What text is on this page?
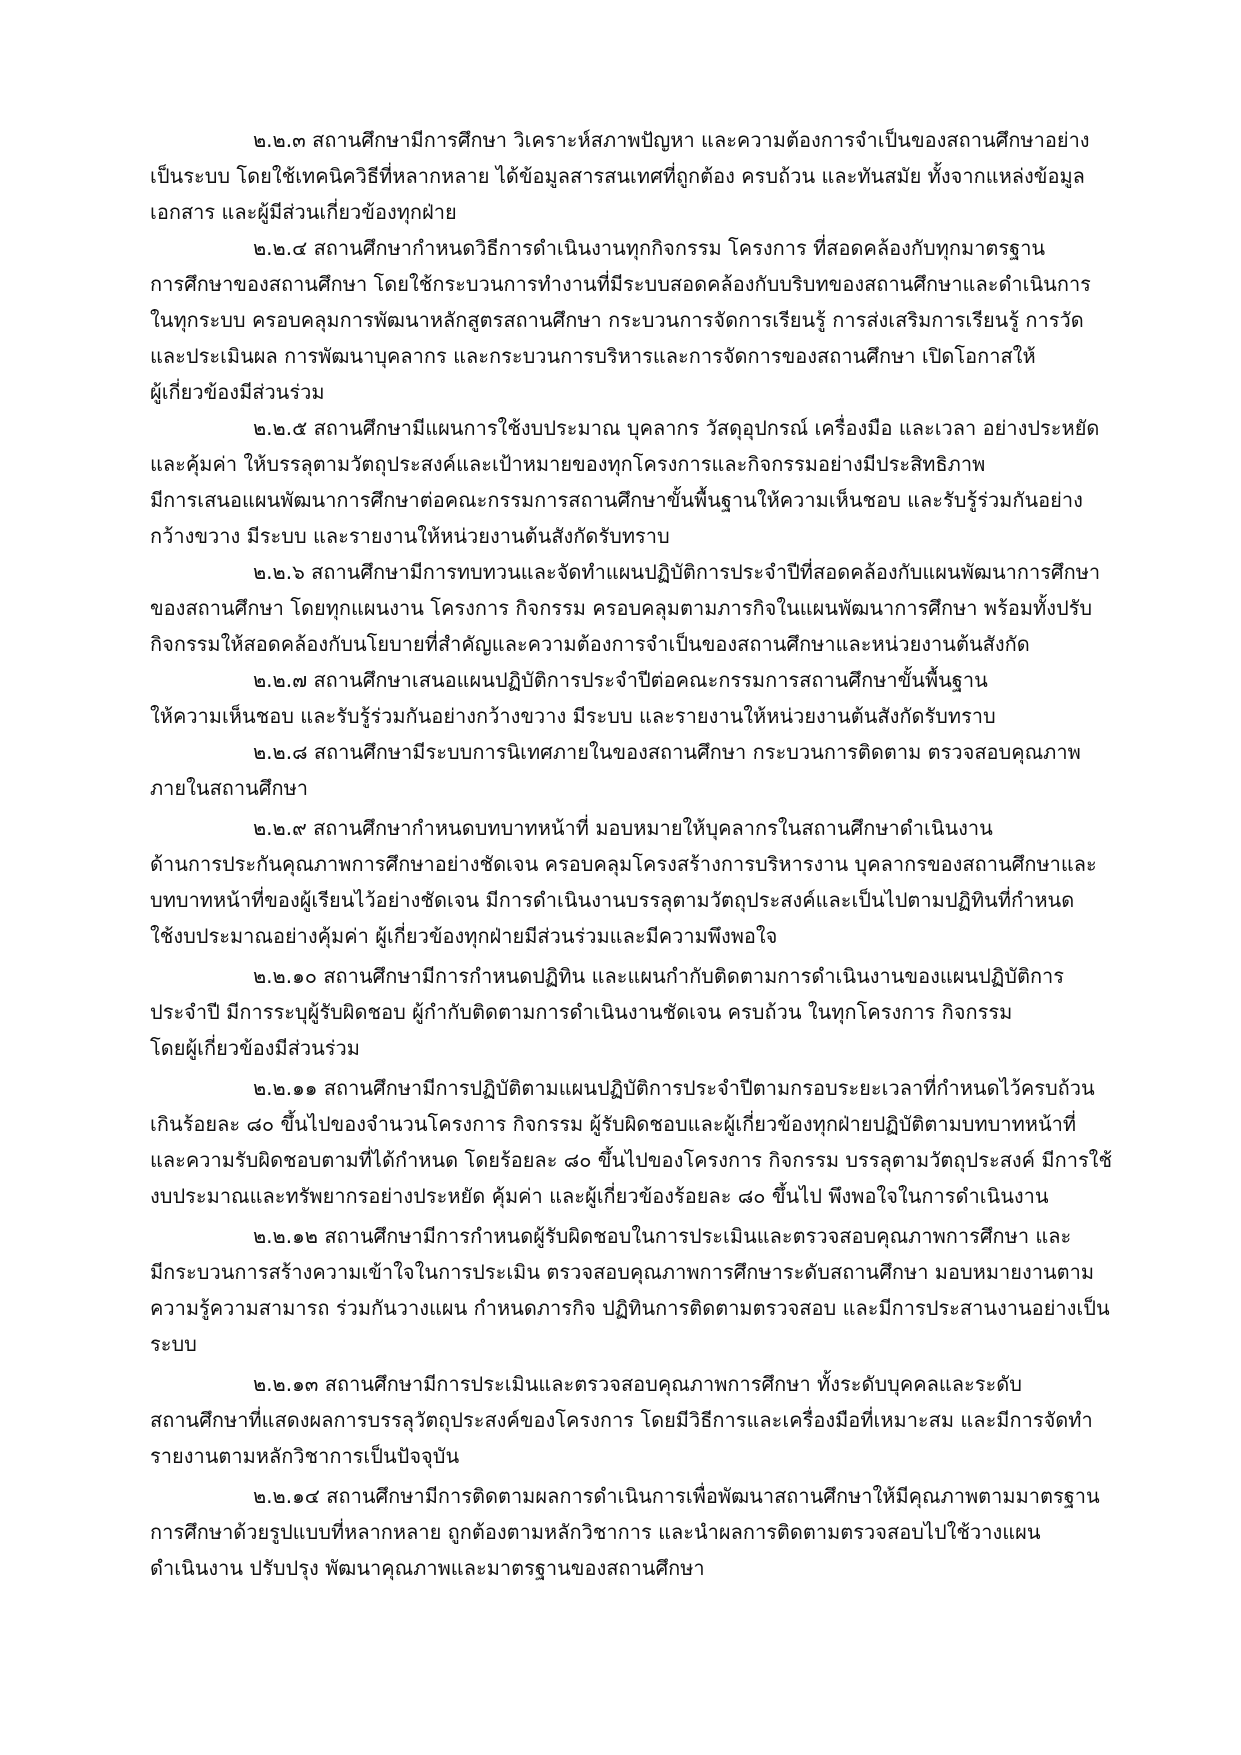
๒.๒.๓ สถานศึกษามีการศึกษา วิเคราะห์สภาพปัญหา และความต้องการจำเป็นของสถานศึกษาอย่าง
เป็นระบบ โดยใช้เทคนิควิธีที่หลากหลาย ได้ข้อมูลสารสนเทศที่ถูกต้อง ครบถ้วน และทันสมัย ทั้งจากแหล่งข้อมูล
เอกสาร และผู้มีส่วนเกี่ยวข้องทุกฝ่าย
๒.๒.๔ สถานศึกษากำหนดวิธีการดำเนินงานทุกกิจกรรม โครงการ ที่สอดคล้องกับทุกมาตรฐาน
การศึกษาของสถานศึกษา โดยใช้กระบวนการทำงานที่มีระบบสอดคล้องกับบริบทของสถานศึกษาและดำเนินการ
ในทุกระบบ ครอบคลุมการพัฒนาหลักสูตรสถานศึกษา กระบวนการจัดการเรียนรู้ การส่งเสริมการเรียนรู้ การวัด
และประเมินผล การพัฒนาบุคลากร และกระบวนการบริหารและการจัดการของสถานศึกษา เปิดโอกาสให้
ผู้เกี่ยวข้องมีส่วนร่วม
๒.๒.๕ สถานศึกษามีแผนการใช้งบประมาณ บุคลากร วัสดุอุปกรณ์ เครื่องมือ และเวลา อย่างประหยัด
และคุ้มค่า ให้บรรลุตามวัตถุประสงค์และเป้าหมายของทุกโครงการและกิจกรรมอย่างมีประสิทธิภาพ
มีการเสนอแผนพัฒนาการศึกษาต่อคณะกรรมการสถานศึกษาขั้นพื้นฐานให้ความเห็นชอบ และรับรู้ร่วมกันอย่าง
กว้างขวาง มีระบบ และรายงานให้หน่วยงานต้นสังกัดรับทราบ
๒.๒.๖ สถานศึกษามีการทบทวนและจัดทำแผนปฏิบัติการประจำปีที่สอดคล้องกับแผนพัฒนาการศึกษา
ของสถานศึกษา โดยทุกแผนงาน โครงการ กิจกรรม ครอบคลุมตามภารกิจในแผนพัฒนาการศึกษา พร้อมทั้งปรับ
กิจกรรมให้สอดคล้องกับนโยบายที่สำคัญและความต้องการจำเป็นของสถานศึกษาและหน่วยงานต้นสังกัด
๒.๒.๗ สถานศึกษาเสนอแผนปฏิบัติการประจำปีต่อคณะกรรมการสถานศึกษาขั้นพื้นฐาน
ให้ความเห็นชอบ และรับรู้ร่วมกันอย่างกว้างขวาง มีระบบ และรายงานให้หน่วยงานต้นสังกัดรับทราบ
๒.๒.๘ สถานศึกษามีระบบการนิเทศภายในของสถานศึกษา กระบวนการติดตาม ตรวจสอบคุณภาพ
ภายในสถานศึกษา
๒.๒.๙ สถานศึกษากำหนดบทบาทหน้าที่ มอบหมายให้บุคลากรในสถานศึกษาดำเนินงาน
ด้านการประกันคุณภาพการศึกษาอย่างชัดเจน ครอบคลุมโครงสร้างการบริหารงาน บุคลากรของสถานศึกษาและ
บทบาทหน้าที่ของผู้เรียนไว้อย่างชัดเจน มีการดำเนินงานบรรลุตามวัตถุประสงค์และเป็นไปตามปฏิทินที่กำหนด
ใช้งบประมาณอย่างคุ้มค่า ผู้เกี่ยวข้องทุกฝ่ายมีส่วนร่วมและมีความพึงพอใจ
๒.๒.๑๐ สถานศึกษามีการกำหนดปฏิทิน และแผนกำกับติดตามการดำเนินงานของแผนปฏิบัติการ
ประจำปี มีการระบุผู้รับผิดชอบ ผู้กำกับติดตามการดำเนินงานชัดเจน ครบถ้วน ในทุกโครงการ กิจกรรม
โดยผู้เกี่ยวข้องมีส่วนร่วม
๒.๒.๑๑ สถานศึกษามีการปฏิบัติตามแผนปฏิบัติการประจำปีตามกรอบระยะเวลาที่กำหนดไว้ครบถ้วน
เกินร้อยละ ๘๐ ขึ้นไปของจำนวนโครงการ กิจกรรม ผู้รับผิดชอบและผู้เกี่ยวข้องทุกฝ่ายปฏิบัติตามบทบาทหน้าที่
และความรับผิดชอบตามที่ได้กำหนด โดยร้อยละ ๘๐ ขึ้นไปของโครงการ กิจกรรม บรรลุตามวัตถุประสงค์ มีการใช้
งบประมาณและทรัพยากรอย่างประหยัด คุ้มค่า และผู้เกี่ยวข้องร้อยละ ๘๐ ขึ้นไป พึงพอใจในการดำเนินงาน
๒.๒.๑๒ สถานศึกษามีการกำหนดผู้รับผิดชอบในการประเมินและตรวจสอบคุณภาพการศึกษา และ
มีกระบวนการสร้างความเข้าใจในการประเมิน ตรวจสอบคุณภาพการศึกษาระดับสถานศึกษา มอบหมายงานตาม
ความรู้ความสามารถ ร่วมกันวางแผน กำหนดภารกิจ ปฏิทินการติดตามตรวจสอบ และมีการประสานงานอย่างเป็น
ระบบ
๒.๒.๑๓ สถานศึกษามีการประเมินและตรวจสอบคุณภาพการศึกษา ทั้งระดับบุคคลและระดับ
สถานศึกษาที่แสดงผลการบรรลุวัตถุประสงค์ของโครงการ โดยมีวิธีการและเครื่องมือที่เหมาะสม และมีการจัดทำ
รายงานตามหลักวิชาการเป็นปัจจุบัน
๒.๒.๑๔ สถานศึกษามีการติดตามผลการดำเนินการเพื่อพัฒนาสถานศึกษาให้มีคุณภาพตามมาตรฐาน
การศึกษาด้วยรูปแบบที่หลากหลาย ถูกต้องตามหลักวิชาการ และนำผลการติดตามตรวจสอบไปใช้วางแผน
ดำเนินงาน ปรับปรุง พัฒนาคุณภาพและมาตรฐานของสถานศึกษา
